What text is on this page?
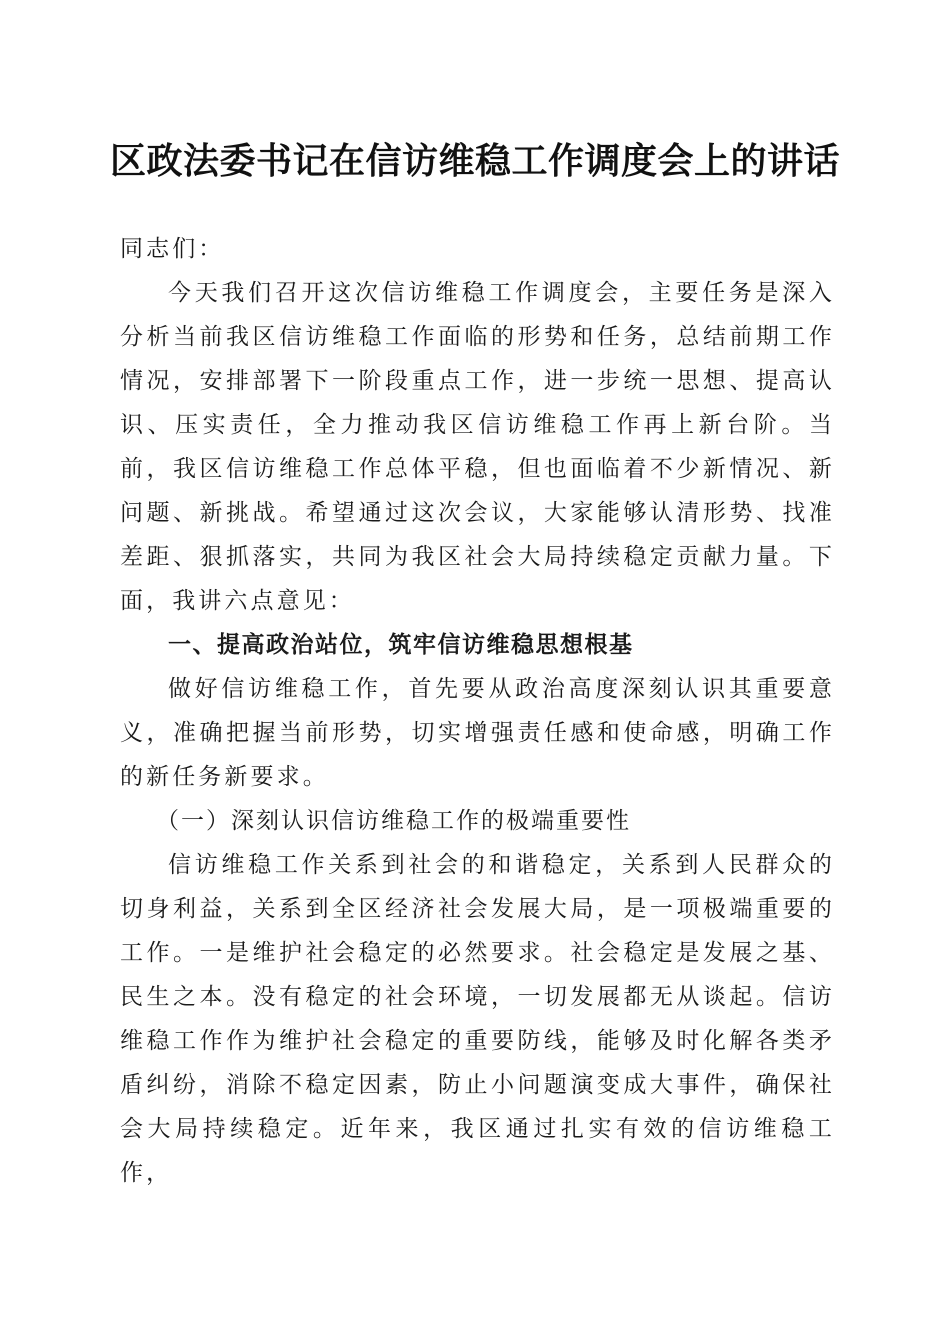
区政法委书记在信访维稳工作调度会上的讲话

同志们：

今天我们召开这次信访维稳工作调度会，主要任务是深入分析当前我区信访维稳工作面临的形势和任务，总结前期工作情况，安排部署下一阶段重点工作，进一步统一思想、提高认识、压实责任，全力推动我区信访维稳工作再上新台阶。当前，我区信访维稳工作总体平稳，但也面临着不少新情况、新问题、新挑战。希望通过这次会议，大家能够认清形势、找准差距、狠抓落实，共同为我区社会大局持续稳定贡献力量。下面，我讲六点意见：

一、提高政治站位，筑牢信访维稳思想根基

做好信访维稳工作，首先要从政治高度深刻认识其重要意义，准确把握当前形势，切实增强责任感和使命感，明确工作的新任务新要求。

（一）深刻认识信访维稳工作的极端重要性

信访维稳工作关系到社会的和谐稳定，关系到人民群众的切身利益，关系到全区经济社会发展大局，是一项极端重要的工作。一是维护社会稳定的必然要求。社会稳定是发展之基、民生之本。没有稳定的社会环境，一切发展都无从谈起。信访维稳工作作为维护社会稳定的重要防线，能够及时化解各类矛盾纠纷，消除不稳定因素，防止小问题演变成大事件，确保社会大局持续稳定。近年来，我区通过扎实有效的信访维稳工作，
